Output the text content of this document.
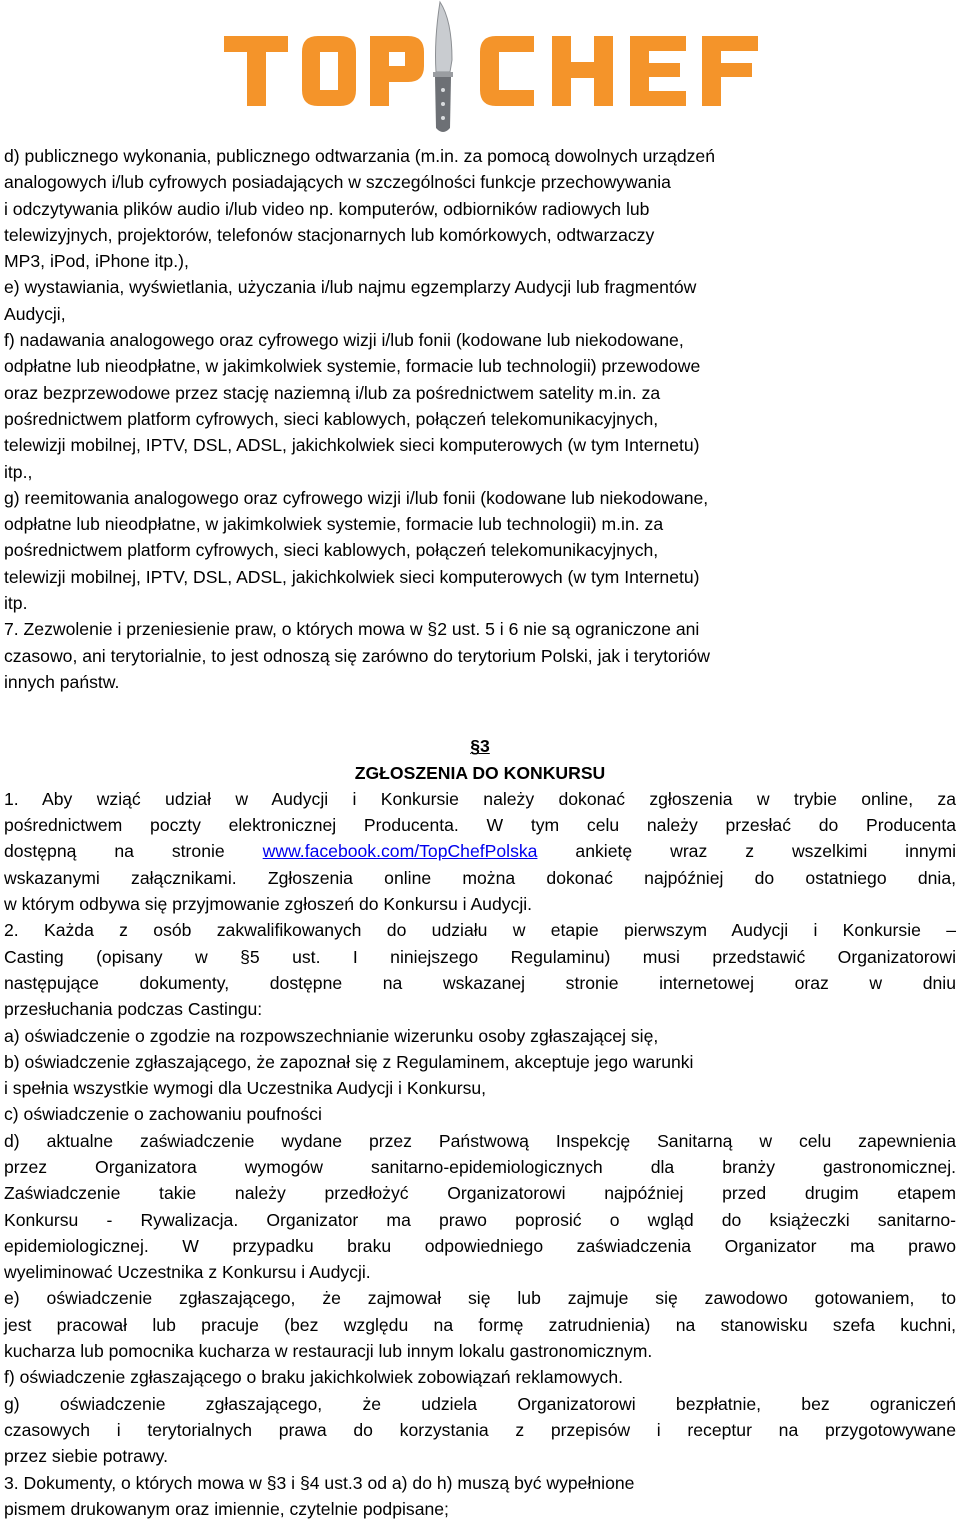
d) publicznego wykonania, publicznego odtwarzania (m.in. za pomocą dowolnych urządzeń
analogowych i/lub cyfrowych posiadających w szczególności funkcje przechowywania
i odczytywania plików audio i/lub video np. komputerów, odbiorników radiowych lub
telewizyjnych, projektorów, telefonów stacjonarnych lub komórkowych, odtwarzaczy
MP3, iPod, iPhone itp.),
e) wystawiania, wyświetlania, użyczania i/lub najmu egzemplarzy Audycji lub fragmentów
Audycji,
f) nadawania analogowego oraz cyfrowego wizji i/lub fonii (kodowane lub niekodowane,
odpłatne lub nieodpłatne, w jakimkolwiek systemie, formacie lub technologii) przewodowe
oraz bezprzewodowe przez stację naziemną i/lub za pośrednictwem satelity m.in. za
pośrednictwem platform cyfrowych, sieci kablowych, połączeń telekomunikacyjnych,
telewizji mobilnej, IPTV, DSL, ADSL, jakichkolwiek sieci komputerowych (w tym Internetu)
itp.,
g) reemitowania analogowego oraz cyfrowego wizji i/lub fonii (kodowane lub niekodowane,
odpłatne lub nieodpłatne, w jakimkolwiek systemie, formacie lub technologii) m.in. za
pośrednictwem platform cyfrowych, sieci kablowych, połączeń telekomunikacyjnych,
telewizji mobilnej, IPTV, DSL, ADSL, jakichkolwiek sieci komputerowych (w tym Internetu)
itp.
7. Zezwolenie i przeniesienie praw, o których mowa w §2 ust. 5 i 6 nie są ograniczone ani
czasowo, ani terytorialnie, to jest odnoszą się zarówno do terytorium Polski, jak i terytoriów
innych państw.
§3
ZGŁOSZENIA DO KONKURSU
1. Aby wziąć udział w Audycji i Konkursie należy dokonać zgłoszenia w trybie online, za
pośrednictwem poczty elektronicznej Producenta. W tym celu należy przesłać do Producenta
dostępną na stronie www.facebook.com/TopChefPolska ankietę wraz z wszelkimi innymi
wskazanymi załącznikami. Zgłoszenia online można dokonać najpóźniej do ostatniego dnia,
w którym odbywa się przyjmowanie zgłoszeń do Konkursu i Audycji.
2. Każda z osób zakwalifikowanych do udziału w etapie pierwszym Audycji i Konkursie –
Casting (opisany w §5 ust. I niniejszego Regulaminu) musi przedstawić Organizatorowi
następujące dokumenty, dostępne na wskazanej stronie internetowej oraz w dniu
przesłuchania podczas Castingu:
a) oświadczenie o zgodzie na rozpowszechnianie wizerunku osoby zgłaszającej się,
b) oświadczenie zgłaszającego, że zapoznał się z Regulaminem, akceptuje jego warunki
i spełnia wszystkie wymogi dla Uczestnika Audycji i Konkursu,
c) oświadczenie o zachowaniu poufności
d) aktualne zaświadczenie wydane przez Państwową Inspekcję Sanitarną w celu zapewnienia
przez Organizatora wymogów sanitarno-epidemiologicznych dla branży gastronomicznej.
Zaświadczenie takie należy przedłożyć Organizatorowi najpóźniej przed drugim etapem
Konkursu - Rywalizacja. Organizator ma prawo poprosić o wgląd do książeczki sanitarno-
epidemiologicznej. W przypadku braku odpowiedniego zaświadczenia Organizator ma prawo
wyeliminować Uczestnika z Konkursu i Audycji.
e) oświadczenie zgłaszającego, że zajmował się lub zajmuje się zawodowo gotowaniem, to
jest pracował lub pracuje (bez względu na formę zatrudnienia) na stanowisku szefa kuchni,
kucharza lub pomocnika kucharza w restauracji lub innym lokalu gastronomicznym.
f) oświadczenie zgłaszającego o braku jakichkolwiek zobowiązań reklamowych.
g) oświadczenie zgłaszającego, że udziela Organizatorowi bezpłatnie, bez ograniczeń
czasowych i terytorialnych prawa do korzystania z przepisów i receptur na przygotowywane
przez siebie potrawy.
3. Dokumenty, o których mowa w §3 i §4 ust.3 od a) do h) muszą być wypełnione
pismem drukowanym oraz imiennie, czytelnie podpisane;
